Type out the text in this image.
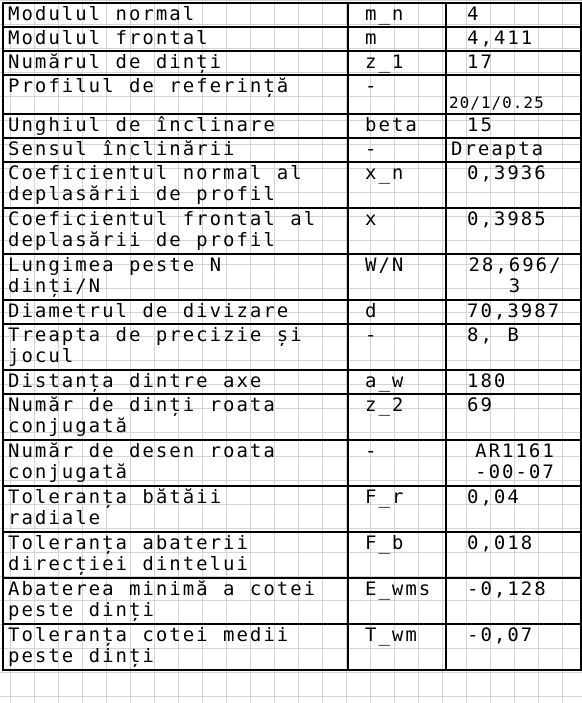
Modulul normal	m_n	4
Modulul frontal	m	4,411
Numărul de dinți	z_1	17
Profilul de referință	-	20/1/0.25
Unghiul de înclinare	beta	15
Sensul înclinării	-	Dreapta
Coeficientul normal al
deplasării de profil	x_n	0,3936
Coeficientul frontal al
deplasării de profil	x	0,3985
Lungimea peste N
dinți/N	W/N	28,696/
3
Diametrul de divizare	d	70,3987
Treapta de precizie și
jocul	-	8, B
Distanța dintre axe	a_w	180
Număr de dinți roata
conjugată	z_2	69
Număr de desen roata
conjugată	-	AR1161
-00-07
Toleranța bătăii
radiale	F_r	0,04
Toleranța abaterii
direcției dintelui	F_b	0,018
Abaterea minimă a cotei
peste dinți	E_wms	-0,128
Toleranța cotei medii
peste dinți	T_wm	-0,07
